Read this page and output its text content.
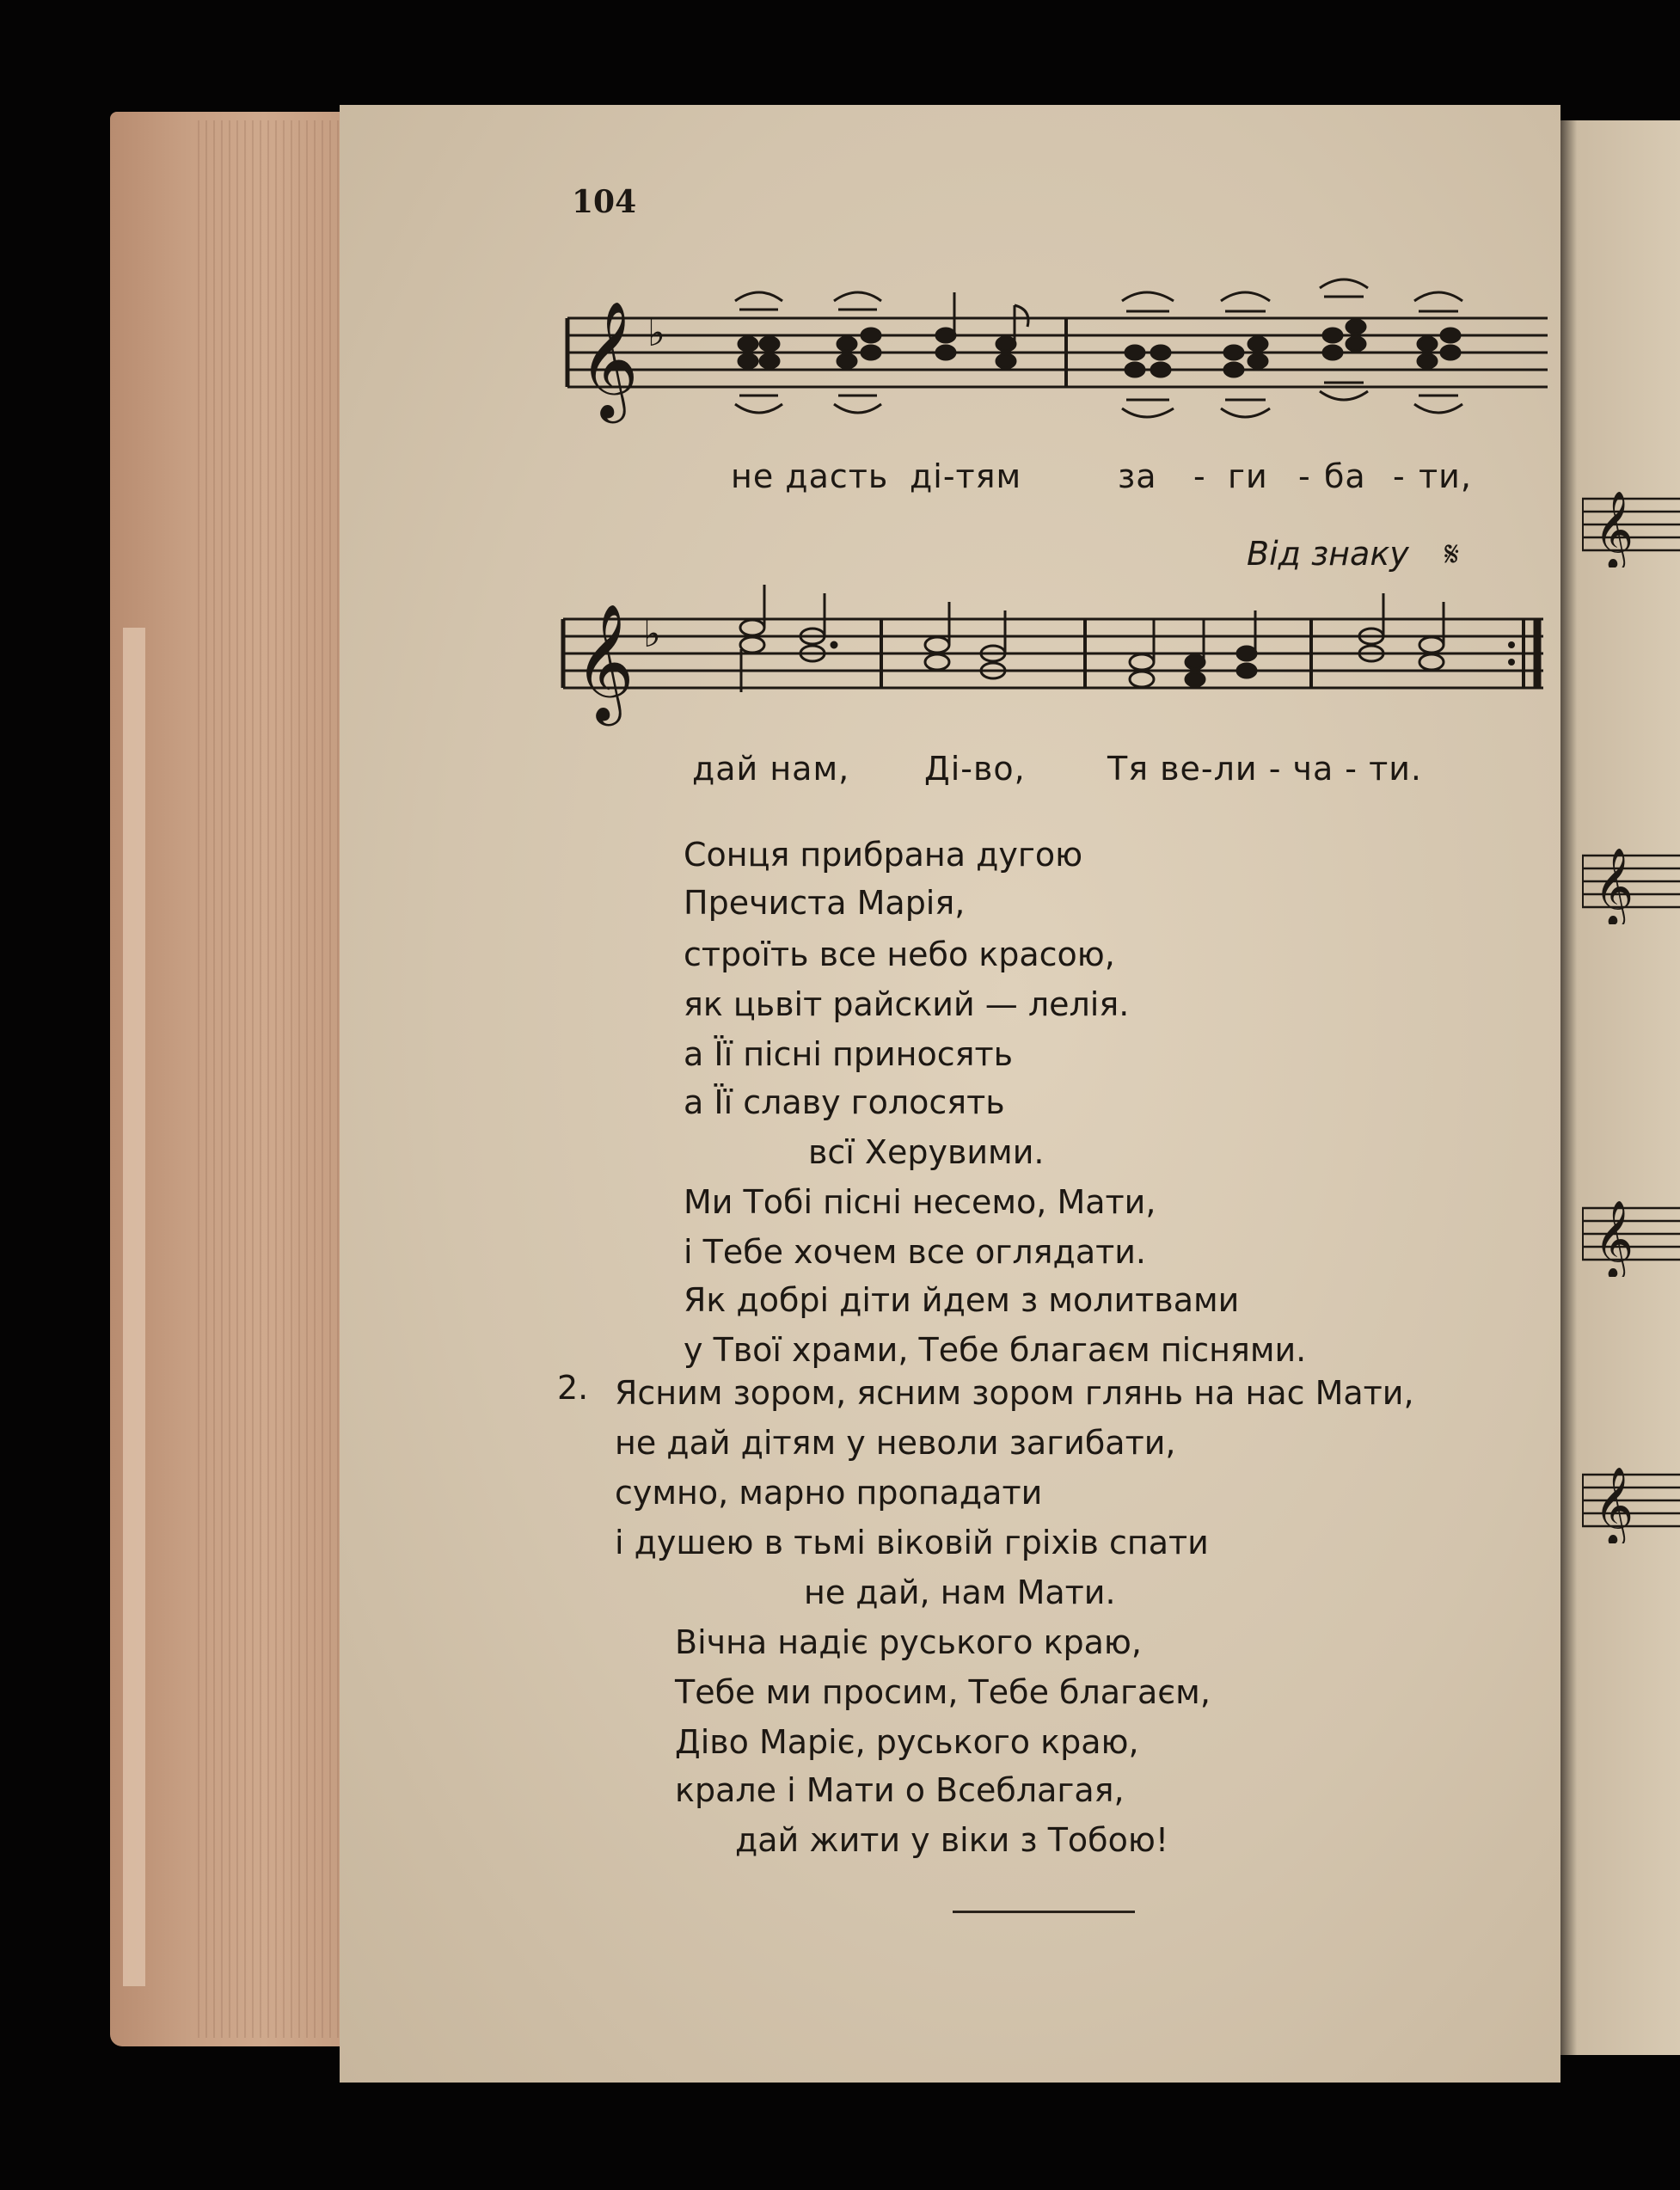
𝄞
𝄞
𝄞
𝄞
104
𝄞 ♭
не дасть ді-тям	за - ги - ба - ти,
Від знаку 𝄋
𝄞 ♭
дай нам, Ді-во,	Тя ве-ли - ча - ти.
Сонця прибрана дугою
Пречиста Марія,
строїть все небо красою,
як цьвіт райский — лелія.
а Її пісні приносять
а Її славу голосять
всї Херувими.
Ми Тобі пісні несемо, Мати,
і Тебе хочем все оглядати.
Як добрі діти йдем з молитвами
у Твої храми, Тебе благаєм піснями.
2. Ясним зором, ясним зором глянь на нас Мати,
не дай дітям у неволи загибати,
сумно, марно пропадати
і душею в тьмі віковій гріхів спати
не дай, нам Мати.
Вічна надіє руського краю,
Тебе ми просим, Тебе благаєм,
Діво Маріє, руського краю,
крале і Мати о Всеблагая,
дай жити у віки з Тобою!
